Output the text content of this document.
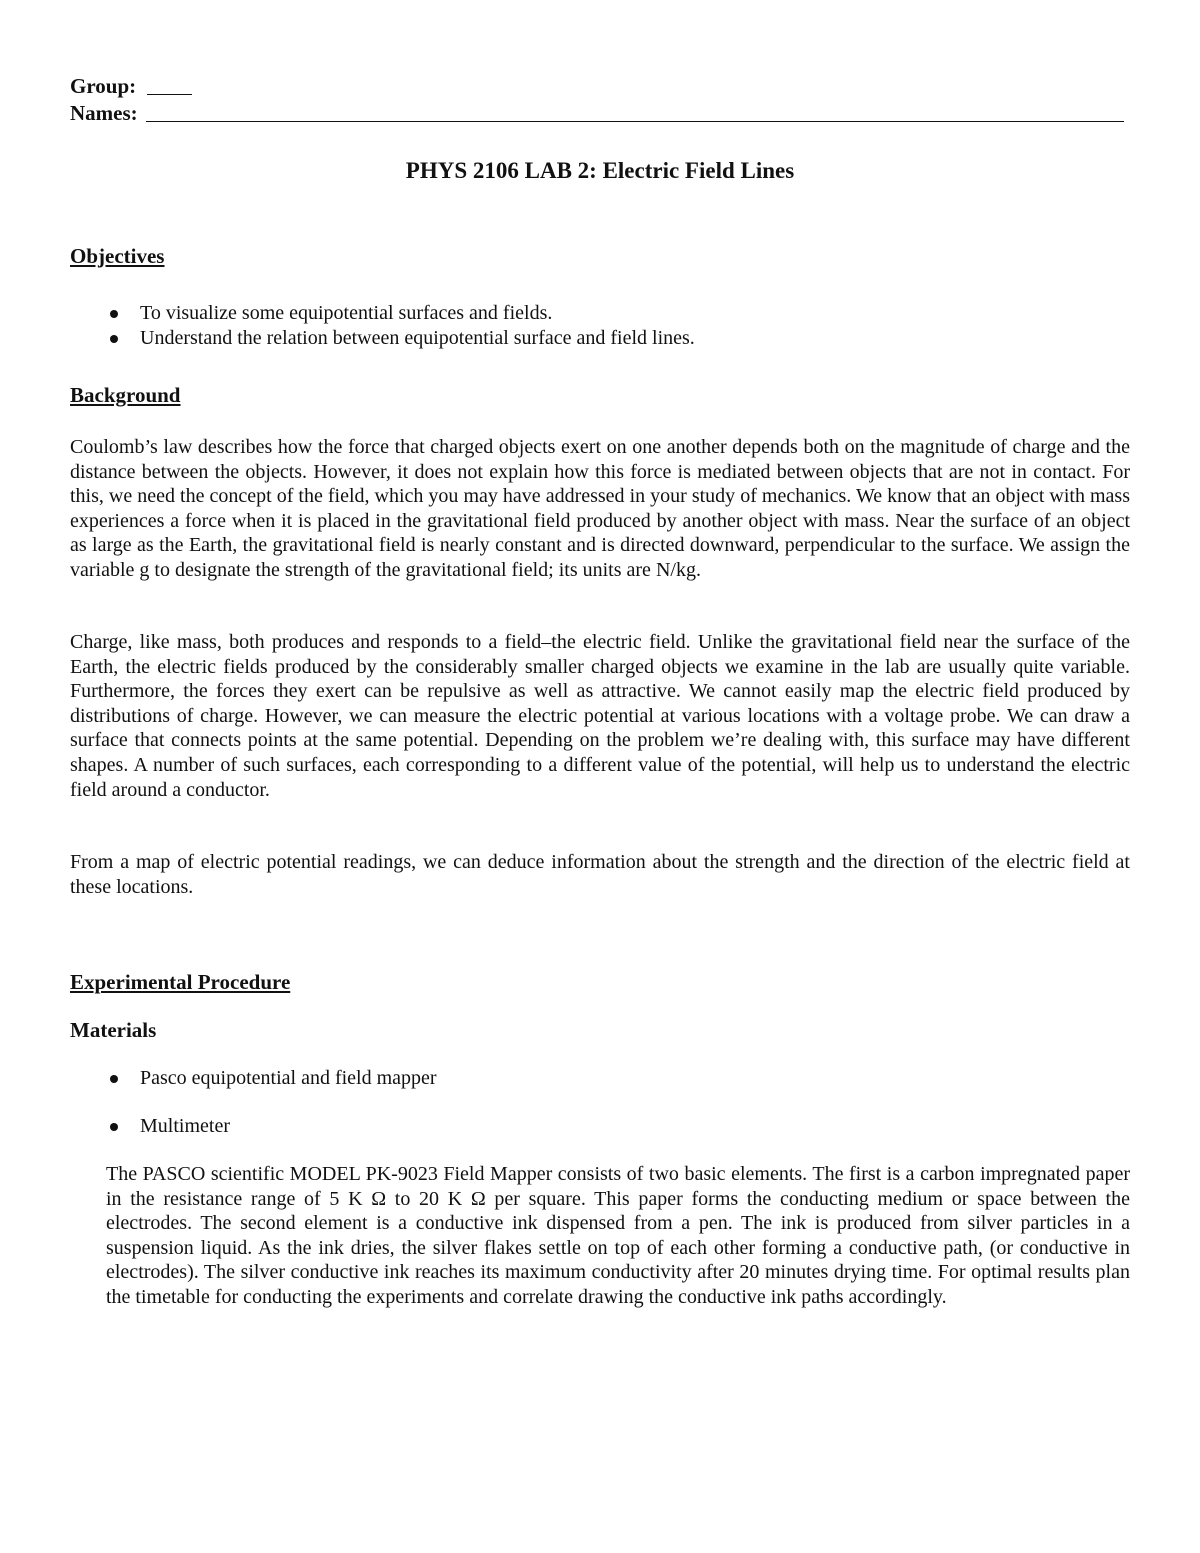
Group:
Names:
PHYS 2106 LAB 2: Electric Field Lines
Objectives
To visualize some equipotential surfaces and fields.
Understand the relation between equipotential surface and field lines.
Background

Coulomb’s law describes how the force that charged objects exert on one another depends both on the magnitude of charge and the distance between the objects. However, it does not explain how this force is mediated between objects that are not in contact. For this, we need the concept of the field, which you may have addressed in your study of mechanics. We know that an object with mass experiences a force when it is placed in the gravitational field produced by another object with mass. Near the surface of an object as large as the Earth, the gravitational field is nearly constant and is directed downward, perpendicular to the surface. We assign the variable g to designate the strength of the gravitational field; its units are N/kg.

Charge, like mass, both produces and responds to a field–the electric field. Unlike the gravitational field near the surface of the Earth, the electric fields produced by the considerably smaller charged objects we examine in the lab are usually quite variable. Furthermore, the forces they exert can be repulsive as well as attractive. We cannot easily map the electric field produced by distributions of charge. However, we can measure the electric potential at various locations with a voltage probe. We can draw a surface that connects points at the same potential. Depending on the problem we’re dealing with, this surface may have different shapes. A number of such surfaces, each corresponding to a different value of the potential, will help us to understand the electric field around a conductor.

From a map of electric potential readings, we can deduce information about the strength and the direction of the electric field at these locations.

Experimental Procedure
Materials
Pasco equipotential and field mapper
Multimeter

The PASCO scientific MODEL PK-9023 Field Mapper consists of two basic elements. The first is a carbon impregnated paper in the resistance range of 5 K Ω to 20 K Ω per square. This paper forms the conducting medium or space between the electrodes. The second element is a conductive ink dispensed from a pen. The ink is produced from silver particles in a suspension liquid. As the ink dries, the silver flakes settle on top of each other forming a conductive path, (or conductive in electrodes). The silver conductive ink reaches its maximum conductivity after 20 minutes drying time. For optimal results plan the timetable for conducting the experiments and correlate drawing the conductive ink paths accordingly.
